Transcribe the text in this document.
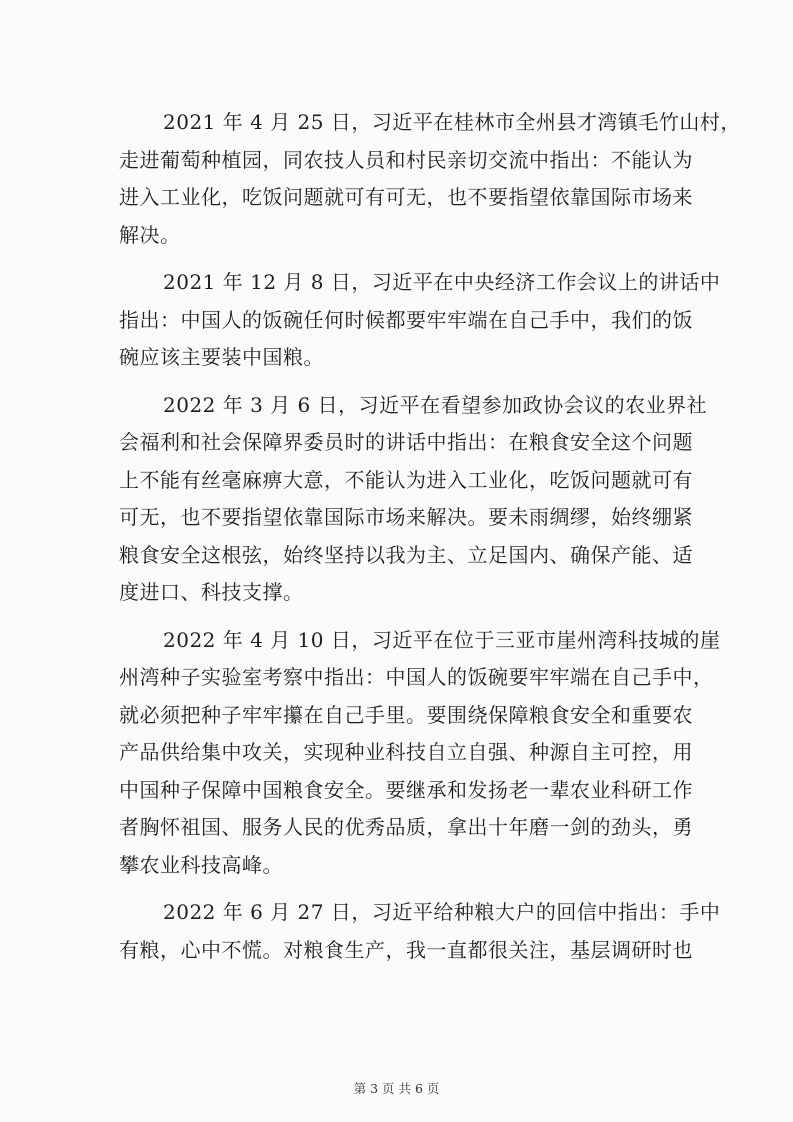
2021 年 4 月 25 日，习近平在桂林市全州县才湾镇毛竹山村，
走进葡萄种植园，同农技人员和村民亲切交流中指出：不能认为
进入工业化，吃饭问题就可有可无，也不要指望依靠国际市场来
解决。

2021 年 12 月 8 日，习近平在中央经济工作会议上的讲话中
指出：中国人的饭碗任何时候都要牢牢端在自己手中，我们的饭
碗应该主要装中国粮。

2022 年 3 月 6 日，习近平在看望参加政协会议的农业界社
会福利和社会保障界委员时的讲话中指出：在粮食安全这个问题
上不能有丝毫麻痹大意，不能认为进入工业化，吃饭问题就可有
可无，也不要指望依靠国际市场来解决。要未雨绸缪，始终绷紧
粮食安全这根弦，始终坚持以我为主、立足国内、确保产能、适
度进口、科技支撑。

2022 年 4 月 10 日，习近平在位于三亚市崖州湾科技城的崖
州湾种子实验室考察中指出：中国人的饭碗要牢牢端在自己手中，
就必须把种子牢牢攥在自己手里。要围绕保障粮食安全和重要农
产品供给集中攻关，实现种业科技自立自强、种源自主可控，用
中国种子保障中国粮食安全。要继承和发扬老一辈农业科研工作
者胸怀祖国、服务人民的优秀品质，拿出十年磨一剑的劲头，勇
攀农业科技高峰。

2022 年 6 月 27 日，习近平给种粮大户的回信中指出：手中
有粮，心中不慌。对粮食生产，我一直都很关注，基层调研时也

第 3 页 共 6 页
